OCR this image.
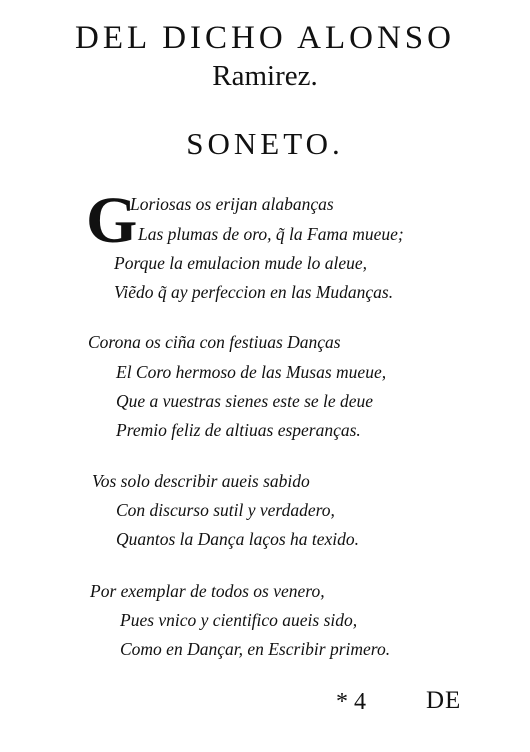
DEL DICHO ALONSO
Ramirez.
SONETO.
G
Loriosas os erijan alabanças
Las plumas de oro, q̃ la Fama mueue;
Porque la emulacion mude lo aleue,
Viẽdo q̃ ay perfeccion en las Mudanças.
Corona os ciña con festiuas Danças
El Coro hermoso de las Musas mueue,
Que a vuestras sienes este se le deue
Premio feliz de altiuas esperanças.
Vos solo describir aueis sabido
Con discurso sutil y verdadero,
Quantos la Dança laços ha texido.
Por exemplar de todos os venero,
Pues vnico y cientifico aueis sido,
Como en Dançar, en Escribir primero.
* 4 DE
